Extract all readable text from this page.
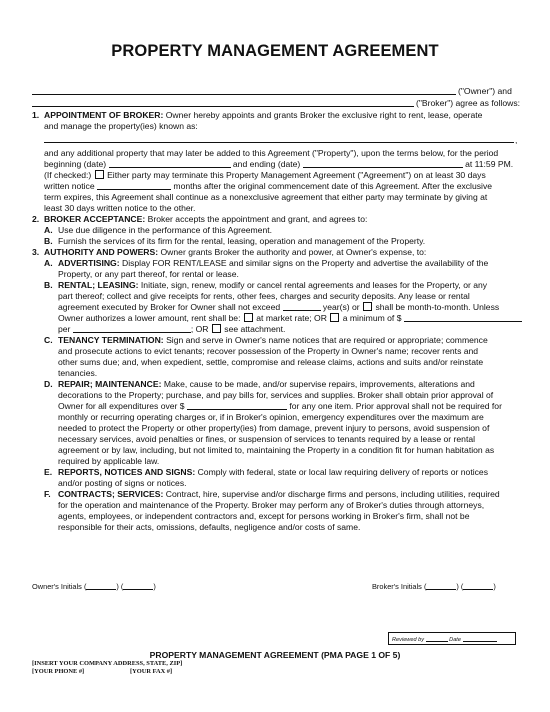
PROPERTY MANAGEMENT AGREEMENT
("Owner") and
("Broker") agree as follows:
1. APPOINTMENT OF BROKER: Owner hereby appoints and grants Broker the exclusive right to rent, lease, operate
and manage the property(ies) known as:
,
and any additional property that may later be added to this Agreement ("Property"), upon the terms below, for the period
beginning (date)	and ending (date)	at 11:59 PM.
(If checked:) Either party may terminate this Property Management Agreement ("Agreement") on at least 30 days
written notice	months after the original commencement date of this Agreement. After the exclusive
term expires, this Agreement shall continue as a nonexclusive agreement that either party may terminate by giving at
least 30 days written notice to the other.
2. BROKER ACCEPTANCE: Broker accepts the appointment and grant, and agrees to:
A. Use due diligence in the performance of this Agreement.
B. Furnish the services of its firm for the rental, leasing, operation and management of the Property.
3. AUTHORITY AND POWERS: Owner grants Broker the authority and power, at Owner's expense, to:
A. ADVERTISING: Display FOR RENT/LEASE and similar signs on the Property and advertise the availability of the
Property, or any part thereof, for rental or lease.
B. RENTAL; LEASING: Initiate, sign, renew, modify or cancel rental agreements and leases for the Property, or any
part thereof; collect and give receipts for rents, other fees, charges and security deposits. Any lease or rental
agreement executed by Broker for Owner shall not exceed	year(s) or shall be month-to-month. Unless
Owner authorizes a lower amount, rent shall be: at market rate; OR a minimum of $
per	; OR see attachment.
C. TENANCY TERMINATION: Sign and serve in Owner's name notices that are required or appropriate; commence
and prosecute actions to evict tenants; recover possession of the Property in Owner's name; recover rents and
other sums due; and, when expedient, settle, compromise and release claims, actions and suits and/or reinstate
tenancies.
D. REPAIR; MAINTENANCE: Make, cause to be made, and/or supervise repairs, improvements, alterations and
decorations to the Property; purchase, and pay bills for, services and supplies. Broker shall obtain prior approval of
Owner for all expenditures over $	for any one item. Prior approval shall not be required for
monthly or recurring operating charges or, if in Broker's opinion, emergency expenditures over the maximum are
needed to protect the Property or other property(ies) from damage, prevent injury to persons, avoid suspension of
necessary services, avoid penalties or fines, or suspension of services to tenants required by a lease or rental
agreement or by law, including, but not limited to, maintaining the Property in a condition fit for human habitation as
required by applicable law.
E. REPORTS, NOTICES AND SIGNS: Comply with federal, state or local law requiring delivery of reports or notices
and/or posting of signs or notices.
F. CONTRACTS; SERVICES: Contract, hire, supervise and/or discharge firms and persons, including utilities, required
for the operation and maintenance of the Property. Broker may perform any of Broker's duties through attorneys,
agents, employees, or independent contractors and, except for persons working in Broker's firm, shall not be
responsible for their acts, omissions, defaults, negligence and/or costs of same.
Owner's Initials (	) (	)	Broker's Initials (	) (	)
Reviewed by	Date
PROPERTY MANAGEMENT AGREEMENT (PMA PAGE 1 OF 5)
[INSERT YOUR COMPANY ADDRESS, STATE, ZIP]
[YOUR PHONE #]	[YOUR FAX #]
